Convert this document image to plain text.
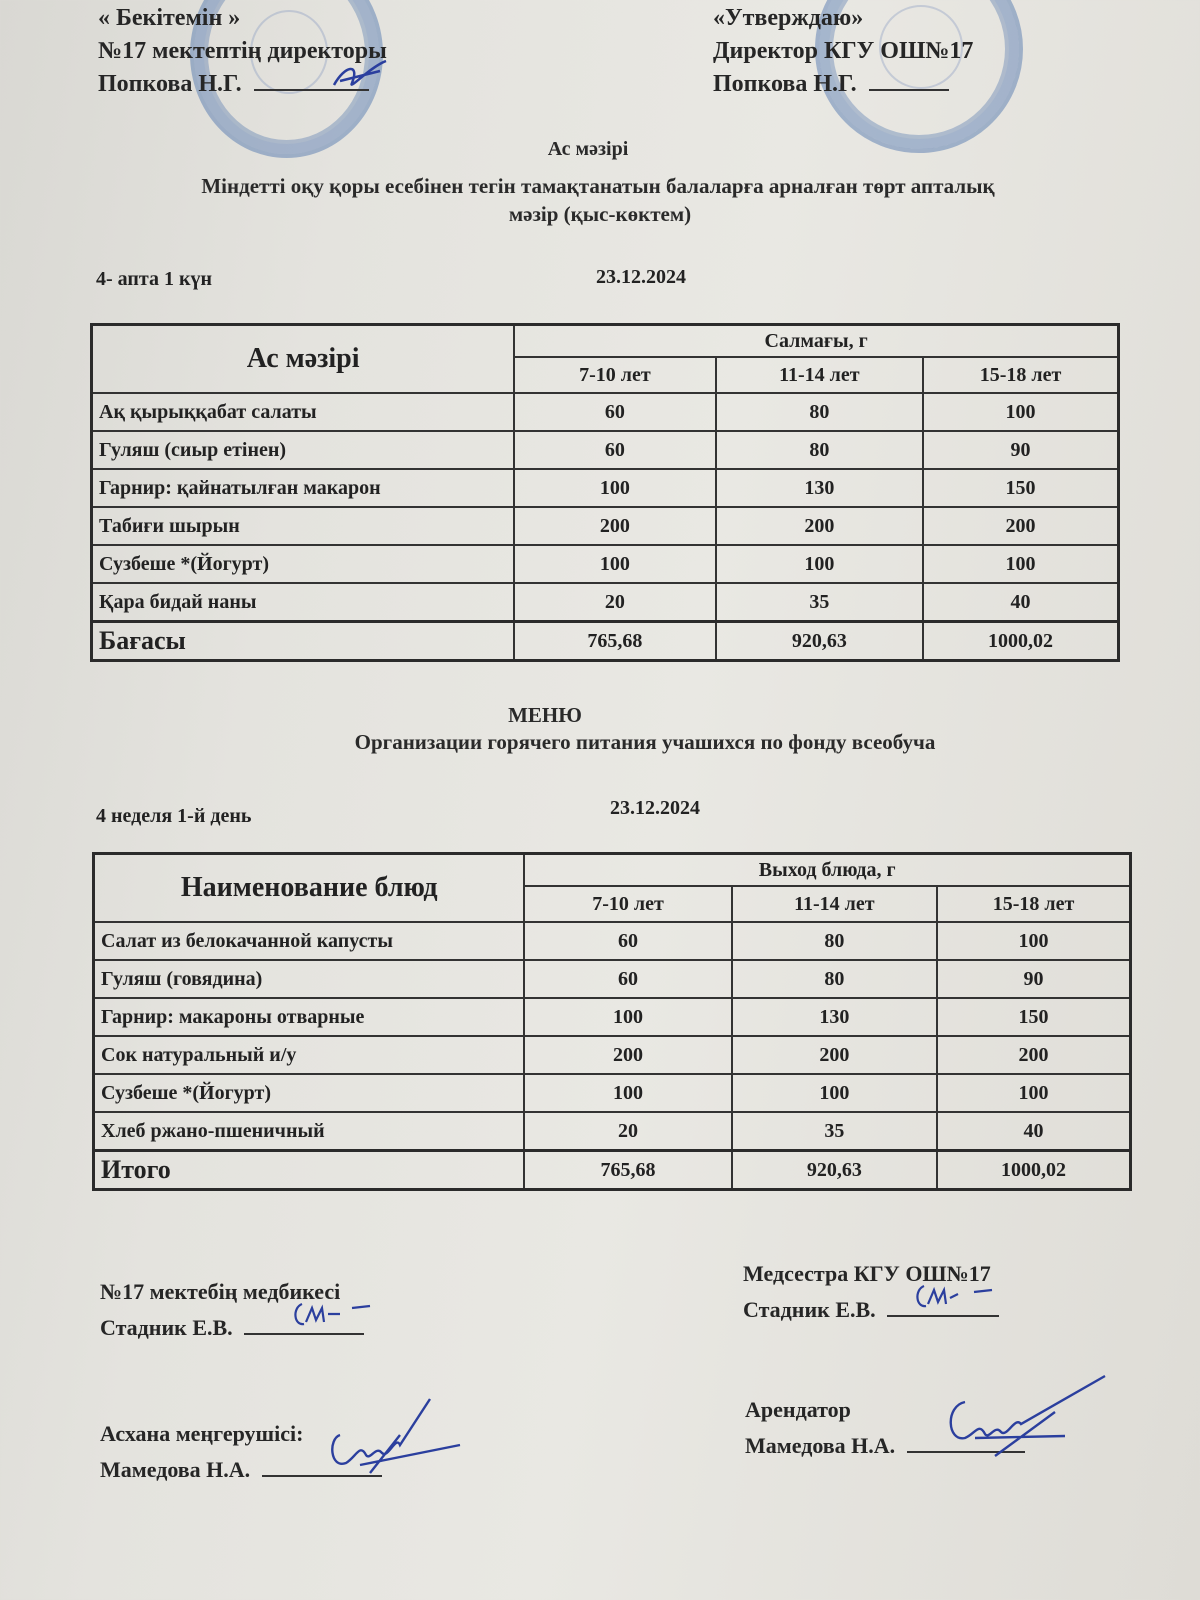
« Бекітемін »
№17 мектептің директоры
Попкова Н.Г.
«Утверждаю»
Директор КГУ ОШ№17
Попкова Н.Г.
Ас мәзірі
Міндетті оқу қоры есебінен тегін тамақтанатын балаларға арналған төрт апталық
мәзір (қыс-көктем)
4- апта 1 күн	23.12.2024
Ас мәзірі	Салмағы, г		
	7-10 лет	11-14 лет	15-18 лет
Ақ қырыққабат салаты	60	80	100
Гуляш (сиыр етінен)	60	80	90
Гарнир: қайнатылған макарон	100	130	150
Табиғи шырын	200	200	200
Сузбеше *(Йогурт)	100	100	100
Қара бидай наны	20	35	40
Бағасы	765,68	920,63	1000,02
МЕНЮ
Организации горячего питания учашихся по фонду всеобуча
4 неделя 1-й день	23.12.2024
Наименование блюд	Выход блюда, г		
	7-10 лет	11-14 лет	15-18 лет
Салат из белокачанной капусты	60	80	100
Гуляш (говядина)	60	80	90
Гарнир: макароны отварные	100	130	150
Сок натуральный и/у	200	200	200
Сузбеше *(Йогурт)	100	100	100
Хлеб ржано-пшеничный	20	35	40
Итого	765,68	920,63	1000,02
№17 мектебің медбикесі
Стадник Е.В.
Асхана меңгерушісі:
Мамедова Н.А.
Медсестра КГУ ОШ№17
Стадник Е.В.
Арендатор
Мамедова Н.А.
